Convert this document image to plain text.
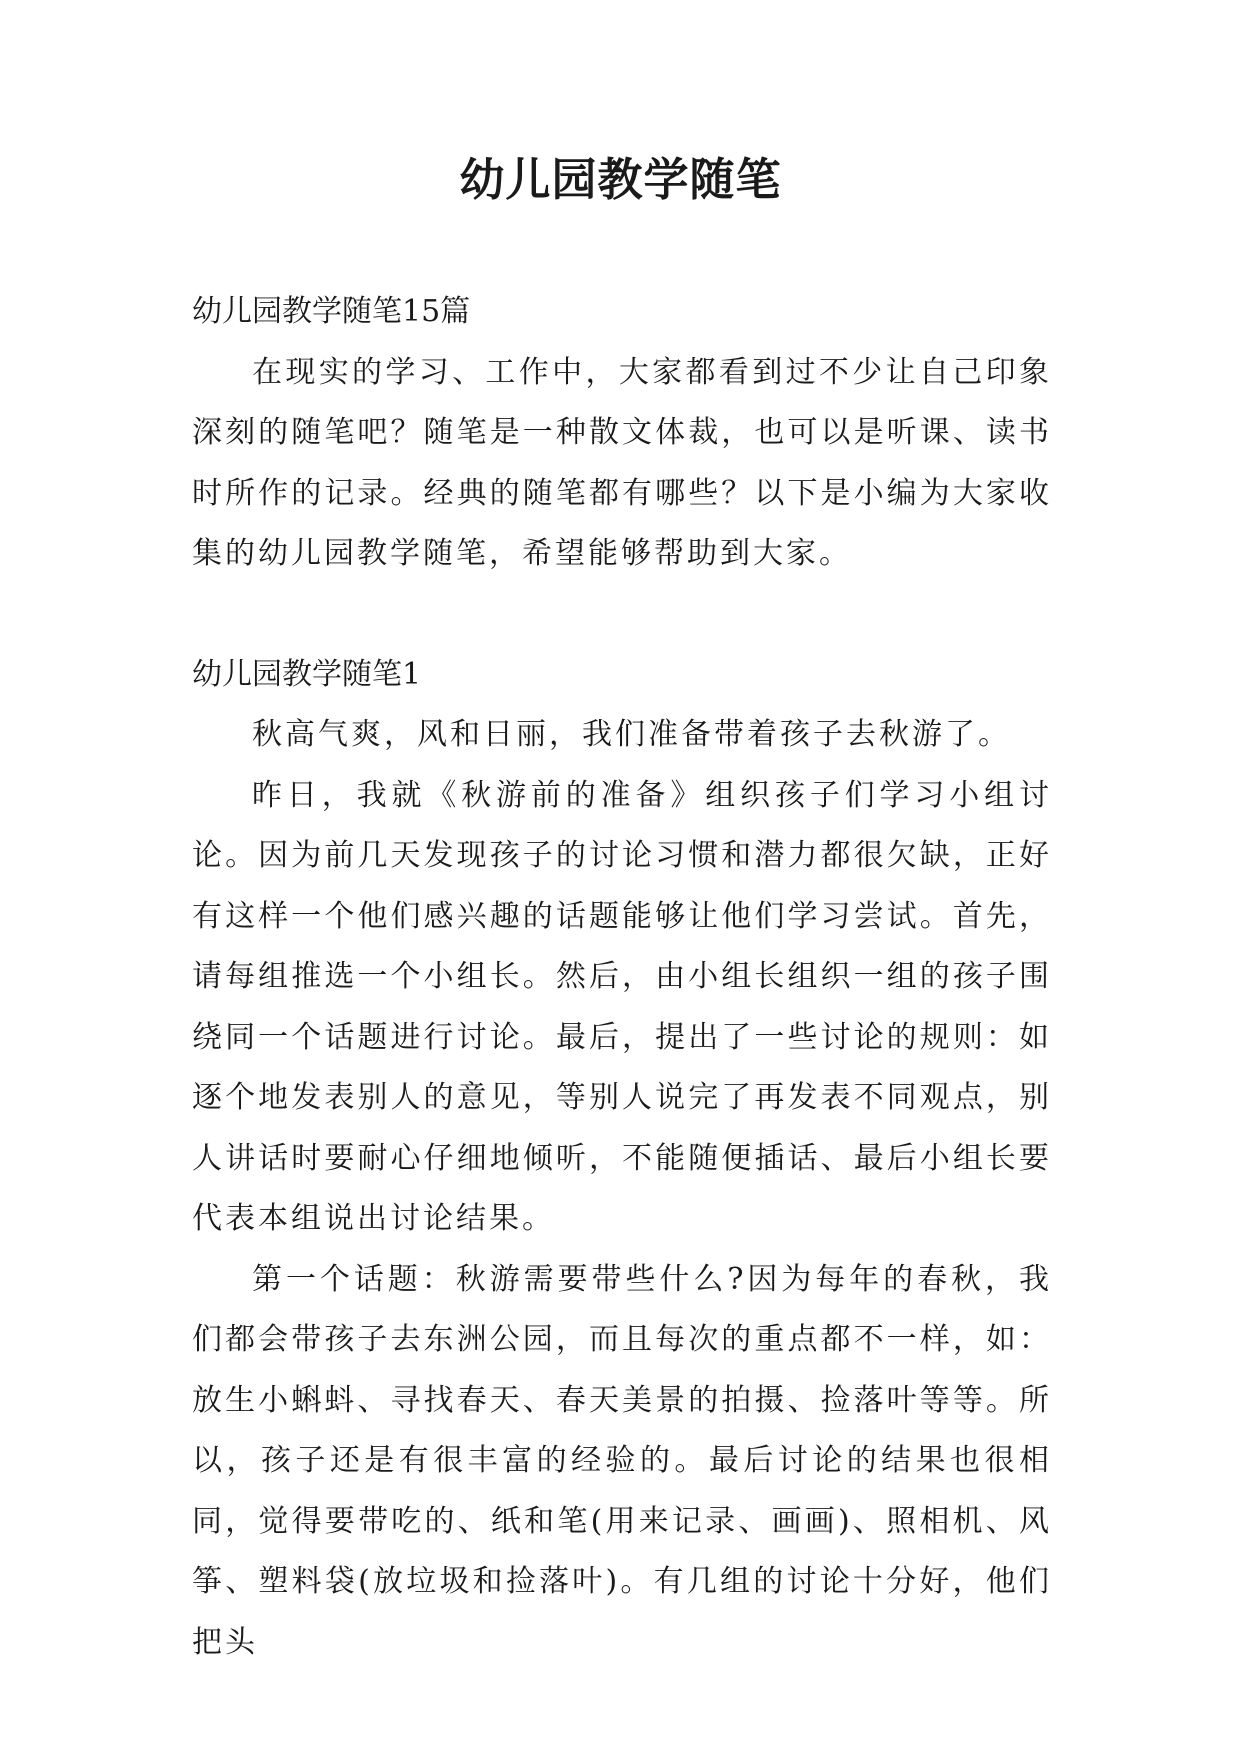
幼儿园教学随笔

幼儿园教学随笔15篇

在现实的学习、工作中，大家都看到过不少让自己印象深刻的随笔吧？随笔是一种散文体裁，也可以是听课、读书时所作的记录。经典的随笔都有哪些？以下是小编为大家收集的幼儿园教学随笔，希望能够帮助到大家。

幼儿园教学随笔1

秋高气爽，风和日丽，我们准备带着孩子去秋游了。

昨日，我就《秋游前的准备》组织孩子们学习小组讨论。因为前几天发现孩子的讨论习惯和潜力都很欠缺，正好有这样一个他们感兴趣的话题能够让他们学习尝试。首先，请每组推选一个小组长。然后，由小组长组织一组的孩子围绕同一个话题进行讨论。最后，提出了一些讨论的规则：如逐个地发表别人的意见，等别人说完了再发表不同观点，别人讲话时要耐心仔细地倾听，不能随便插话、最后小组长要代表本组说出讨论结果。

第一个话题：秋游需要带些什么?因为每年的春秋，我们都会带孩子去东洲公园，而且每次的重点都不一样，如：放生小蝌蚪、寻找春天、春天美景的拍摄、捡落叶等等。所以，孩子还是有很丰富的经验的。最后讨论的结果也很相同，觉得要带吃的、纸和笔(用来记录、画画)、照相机、风筝、塑料袋(放垃圾和捡落叶)。有几组的讨论十分好，他们把头
